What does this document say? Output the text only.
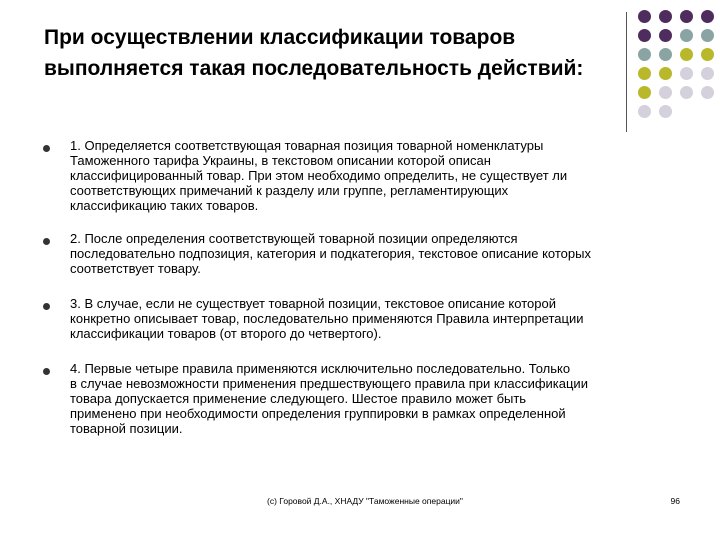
При осуществлении классификации товаров выполняется такая последовательность действий:
1. Определяется соответствующая товарная позиция товарной номенклатуры
Таможенного тарифа Украины, в текстовом описании которой описан
классифицированный товар. При этом необходимо определить, не существует ли
соответствующих примечаний к разделу или группе, регламентирующих
классификацию таких товаров.
2. После определения соответствующей товарной позиции определяются
последовательно подпозиция, категория и подкатегория, текстовое описание которых
соответствует товару.
3. В случае, если не существует товарной позиции, текстовое описание которой
конкретно описывает товар, последовательно применяются Правила интерпретации
классификации товаров (от второго до четвертого).
4. Первые четыре правила применяются исключительно последовательно. Только
в случае невозможности применения предшествующего правила при классификации
товара допускается применение следующего. Шестое правило может быть
применено при необходимости определения группировки в рамках определенной
товарной позиции.
(с) Горовой Д.А., ХНАДУ "Таможенные операции"	96
